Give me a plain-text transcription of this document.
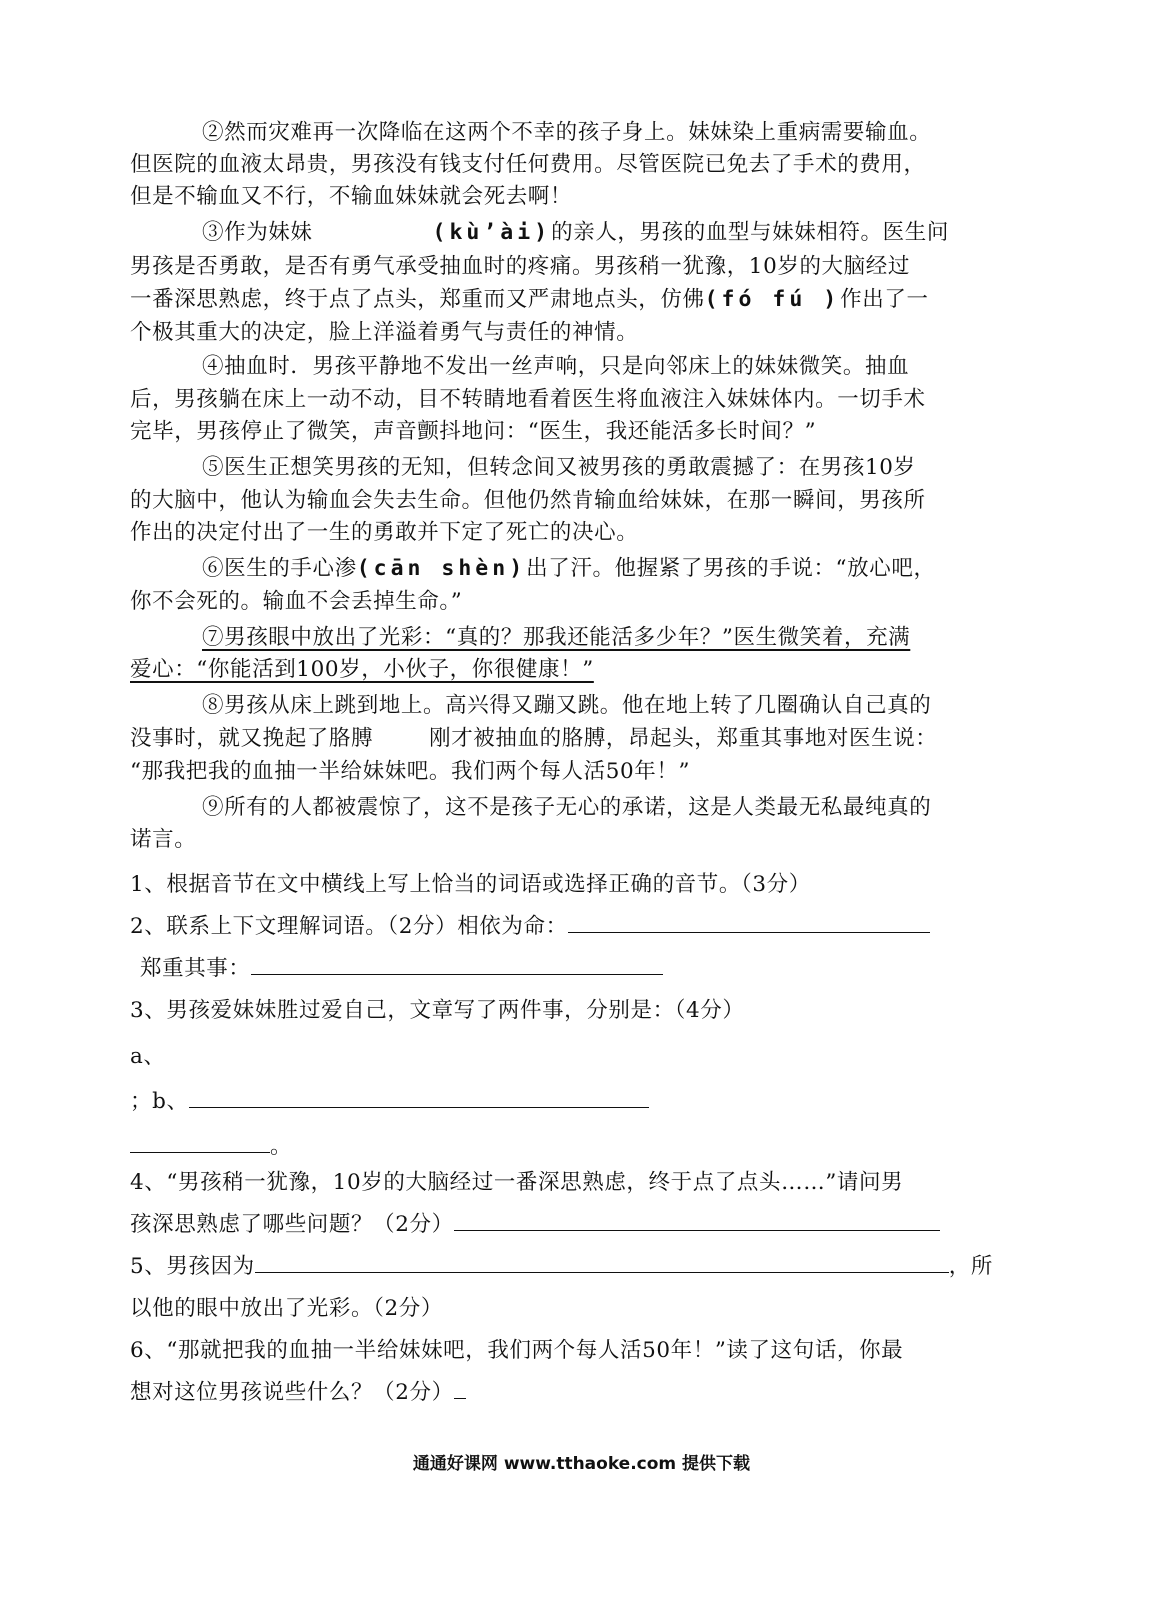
②然而灾难再一次降临在这两个不幸的孩子身上。妹妹染上重病需要输血。
但医院的血液太昂贵，男孩没有钱支付任何费用。尽管医院已免去了手术的费用，
但是不输血又不行，不输血妹妹就会死去啊！
③作为妹妹	(kù’ài)的亲人，男孩的血型与妹妹相符。医生问
男孩是否勇敢，是否有勇气承受抽血时的疼痛。男孩稍一犹豫，10岁的大脑经过
一番深思熟虑，终于点了点头，郑重而又严肃地点头，仿佛(fó fú )作出了一
个极其重大的决定，脸上洋溢着勇气与责任的神情。
④抽血时．男孩平静地不发出一丝声响，只是向邻床上的妹妹微笑。抽血
后，男孩躺在床上一动不动，目不转睛地看着医生将血液注入妹妹体内。一切手术
完毕，男孩停止了微笑，声音颤抖地问：“医生，我还能活多长时间？”
⑤医生正想笑男孩的无知，但转念间又被男孩的勇敢震撼了：在男孩10岁
的大脑中，他认为输血会失去生命。但他仍然肯输血给妹妹，在那一瞬间，男孩所
作出的决定付出了一生的勇敢并下定了死亡的决心。
⑥医生的手心渗(cān shèn)出了汗。他握紧了男孩的手说：“放心吧，
你不会死的。输血不会丢掉生命。”
⑦男孩眼中放出了光彩：“真的？那我还能活多少年？”医生微笑着，充满
爱心：“你能活到100岁，小伙子，你很健康！”
⑧男孩从床上跳到地上。高兴得又蹦又跳。他在地上转了几圈确认自己真的
没事时，就又挽起了胳膊	刚才被抽血的胳膊，昂起头，郑重其事地对医生说：
“那我把我的血抽一半给妹妹吧。我们两个每人活50年！”
⑨所有的人都被震惊了，这不是孩子无心的承诺，这是人类最无私最纯真的
诺言。
1、根据音节在文中横线上写上恰当的词语或选择正确的音节。（3分）
2、联系上下文理解词语。（2分）相依为命：
郑重其事：
3、男孩爱妹妹胜过爱自己，文章写了两件事，分别是：（4分）
a、
；b、
。
4、“男孩稍一犹豫，10岁的大脑经过一番深思熟虑，终于点了点头……”请问男
孩深思熟虑了哪些问题？（2分）
5、男孩因为	，所
以他的眼中放出了光彩。（2分）
6、“那就把我的血抽一半给妹妹吧，我们两个每人活50年！”读了这句话，你最
想对这位男孩说些什么？（2分）
通通好课网 www.tthaoke.com 提供下载
